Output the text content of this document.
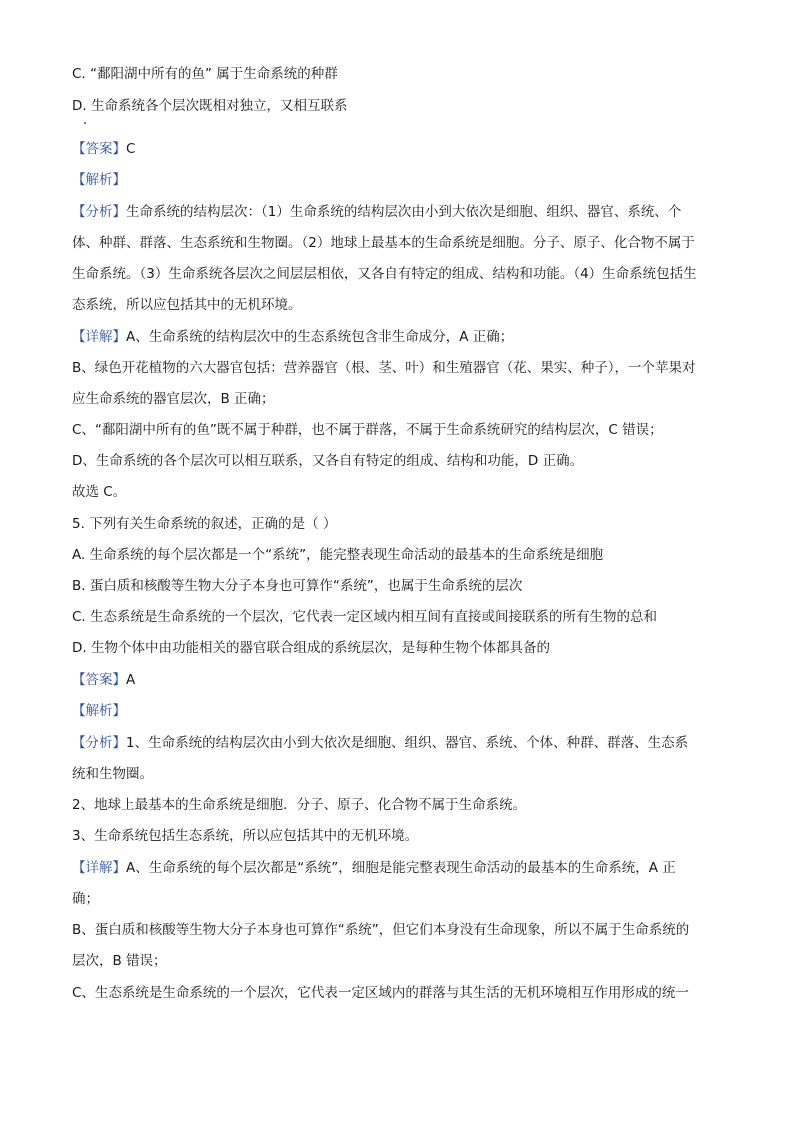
C. “鄱阳湖中所有的鱼” 属于生命系统的种群
D. 生命系统各个层次既相对独立，又相互联系
【答案】C
【解析】
【分析】生命系统的结构层次：（1）生命系统的结构层次由小到大依次是细胞、组织、器官、系统、个
体、种群、群落、生态系统和生物圈。（2）地球上最基本的生命系统是细胞。分子、原子、化合物不属于
生命系统。（3）生命系统各层次之间层层相依，又各自有特定的组成、结构和功能。（4）生命系统包括生
态系统，所以应包括其中的无机环境。
【详解】A、生命系统的结构层次中的生态系统包含非生命成分，A 正确；
B、绿色开花植物的六大器官包括：营养器官（根、茎、叶）和生殖器官（花、果实、种子），一个苹果对
应生命系统的器官层次，B 正确；
C、“鄱阳湖中所有的鱼”既不属于种群，也不属于群落，不属于生命系统研究的结构层次，C 错误；
D、生命系统的各个层次可以相互联系，又各自有特定的组成、结构和功能，D 正确。
故选 C。
5. 下列有关生命系统的叙述，正确的是（ ）
A. 生命系统的每个层次都是一个“系统”，能完整表现生命活动的最基本的生命系统是细胞
B. 蛋白质和核酸等生物大分子本身也可算作“系统”，也属于生命系统的层次
C. 生态系统是生命系统的一个层次，它代表一定区域内相互间有直接或间接联系的所有生物的总和
D. 生物个体中由功能相关的器官联合组成的系统层次，是每种生物个体都具备的
【答案】A
【解析】
【分析】1、生命系统的结构层次由小到大依次是细胞、组织、器官、系统、个体、种群、群落、生态系
统和生物圈。
2、地球上最基本的生命系统是细胞．分子、原子、化合物不属于生命系统。
3、生命系统包括生态系统，所以应包括其中的无机环境。
【详解】A、生命系统的每个层次都是“系统”，细胞是能完整表现生命活动的最基本的生命系统，A 正
确；
B、蛋白质和核酸等生物大分子本身也可算作“系统”，但它们本身没有生命现象，所以不属于生命系统的
层次，B 错误；
C、生态系统是生命系统的一个层次，它代表一定区域内的群落与其生活的无机环境相互作用形成的统一
